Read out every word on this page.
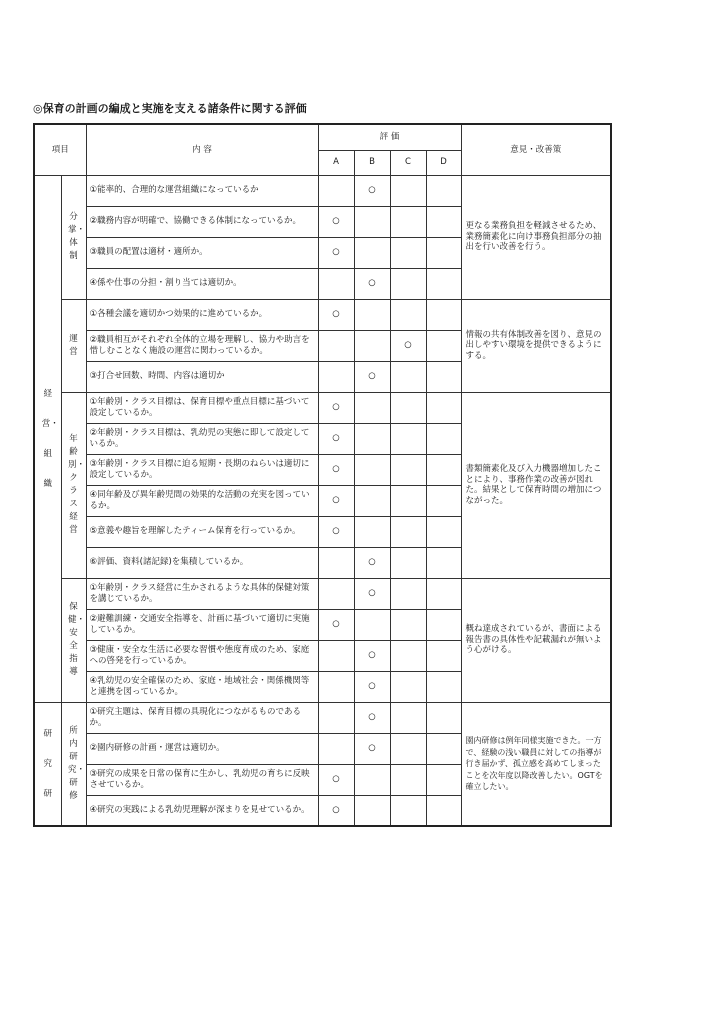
◎保育の計画の編成と実施を支える諸条件に関する評価
項目		内 容	評 価				意見・改善策
			A	B	C	D	
経営・組織	分掌・体制	①能率的、合理的な運営組織になっているか		○			更なる業務負担を軽減させるため、業務簡素化に向け事務負担部分の抽出を行い改善を行う。
		②職務内容が明確で、協働できる体制になっているか。	○				
		③職員の配置は適材・適所か。	○				
		④係や仕事の分担・割り当ては適切か。		○			
	運営	①各種会議を適切かつ効果的に進めているか。	○				情報の共有体制改善を図り、意見の出しやすい環境を提供できるようにする。
		②職員相互がそれぞれ全体的立場を理解し、協力や助言を惜しむことなく施設の運営に関わっているか。			○		
		③打合せ回数、時間、内容は適切か		○			
	年齢別・クラス経営	①年齢別・クラス目標は、保育目標や重点目標に基づいて設定しているか。	○				書類簡素化及び入力機器増加したことにより、事務作業の改善が図れた。結果として保育時間の増加につながった。
		②年齢別・クラス目標は、乳幼児の実態に即して設定しているか。	○				
		③年齢別・クラス目標に迫る短期・長期のねらいは適切に設定しているか。	○				
		④同年齢及び異年齢児間の効果的な活動の充実を図っているか。	○				
		⑤意義や趣旨を理解したティーム保育を行っているか。	○				
		⑥評価、資料(諸記録)を集積しているか。		○			
	保健・安全指導	①年齢別・クラス経営に生かされるような具体的保健対策を講じているか。		○			概ね達成されているが、書面による報告書の具体性や記載漏れが無いよう心がける。
		②避難訓練・交通安全指導を、計画に基づいて適切に実施しているか。	○				
		③健康・安全な生活に必要な習慣や態度育成のため、家庭への啓発を行っているか。		○			
		④乳幼児の安全確保のため、家庭・地域社会・関係機関等と連携を図っているか。		○			
研究研	所内研究・研修	①研究主題は、保育目標の具現化につながるものであるか。		○			園内研修は例年同様実施できた。一方で、経験の浅い職員に対しての指導が行き届かず、孤立感を高めてしまったことを次年度以降改善したい。OGTを確立したい。
		②園内研修の計画・運営は適切か。		○			
		③研究の成果を日常の保育に生かし、乳幼児の育ちに反映させているか。	○				
		④研究の実践による乳幼児理解が深まりを見せているか。	○				
